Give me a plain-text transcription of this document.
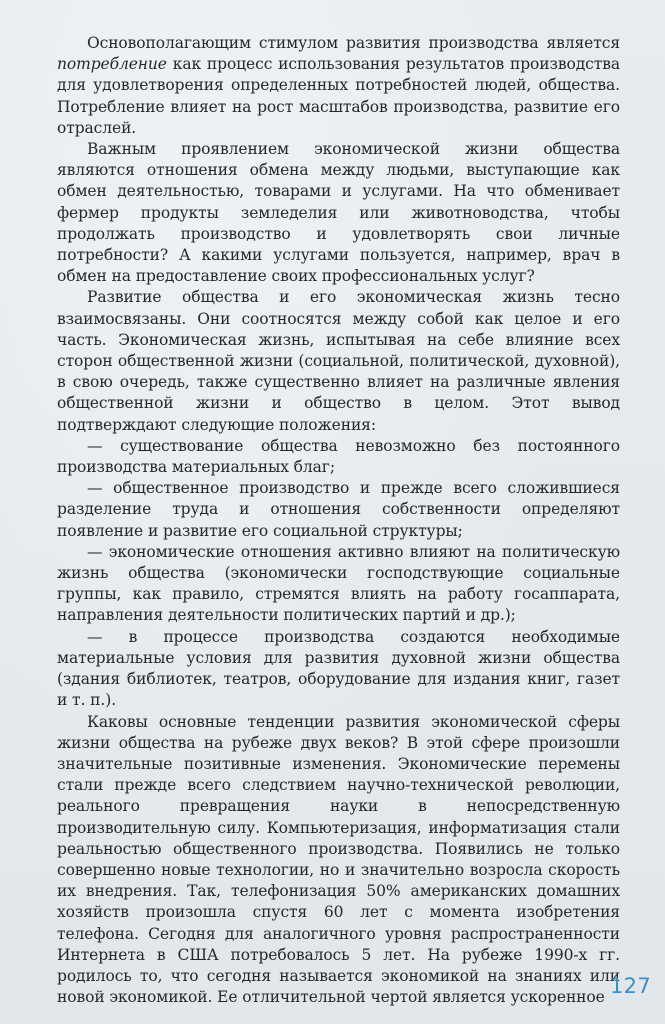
Основополагающим стимулом развития производства является потребление как процесс использования результатов производства для удовлетворения определенных потребностей людей, общества. Потребление влияет на рост масштабов производства, развитие его отраслей.

Важным проявлением экономической жизни общества являются отношения обмена между людьми, выступающие как обмен деятельностью, товарами и услугами. На что обменивает фермер продукты земледелия или животноводства, чтобы продолжать производство и удовлетворять свои личные потребности? А какими услугами пользуется, например, врач в обмен на предоставление своих профессиональных услуг?

Развитие общества и его экономическая жизнь тесно взаимосвязаны. Они соотносятся между собой как целое и его часть. Экономическая жизнь, испытывая на себе влияние всех сторон общественной жизни (социальной, политической, духовной), в свою очередь, также существенно влияет на различные явления общественной жизни и общество в целом. Этот вывод подтверждают следующие положения:

— существование общества невозможно без постоянного производства материальных благ;

— общественное производство и прежде всего сложившиеся разделение труда и отношения собственности определяют появление и развитие его социальной структуры;

— экономические отношения активно влияют на политическую жизнь общества (экономически господствующие социальные группы, как правило, стремятся влиять на работу госаппарата, направления деятельности политических партий и др.);

— в процессе производства создаются необходимые материальные условия для развития духовной жизни общества (здания библиотек, театров, оборудование для издания книг, газет и т. п.).

Каковы основные тенденции развития экономической сферы жизни общества на рубеже двух веков? В этой сфере произошли значительные позитивные изменения. Экономические перемены стали прежде всего следствием научно-технической революции, реального превращения науки в непосредственную производительную силу. Компьютеризация, информатизация стали реальностью общественного производства. Появились не только совершенно новые технологии, но и значительно возросла скорость их внедрения. Так, телефонизация 50% американских домашних хозяйств произошла спустя 60 лет с момента изобретения телефона. Сегодня для аналогичного уровня распространенности Интернета в США потребовалось 5 лет. На рубеже 1990-х гг. родилось то, что сегодня называется экономикой на знаниях или новой экономикой. Ее отличительной чертой является ускоренное 127
